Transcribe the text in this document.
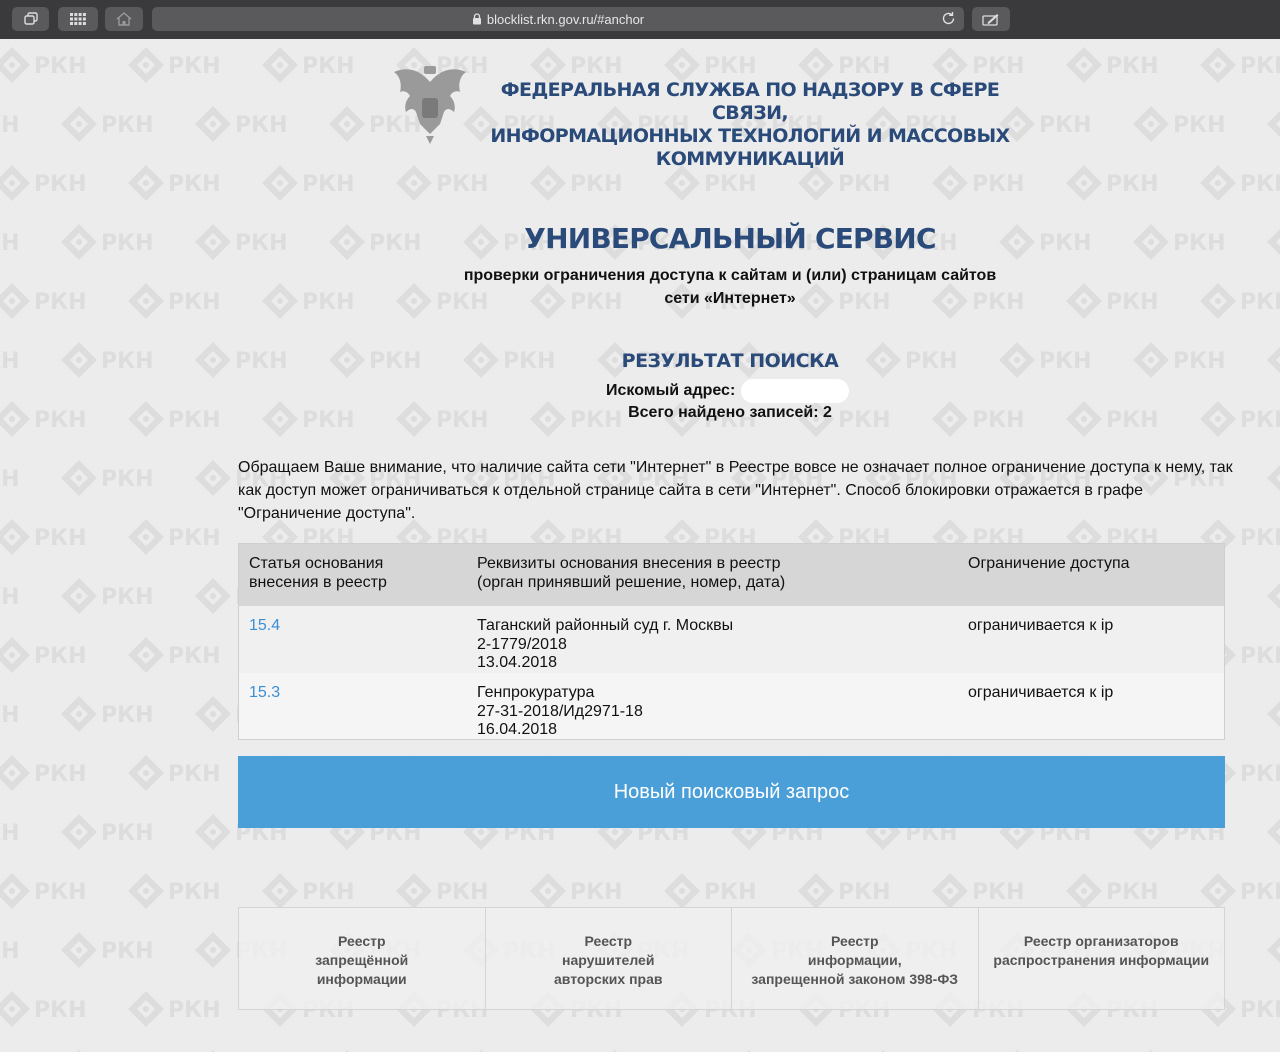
blocklist.rkn.gov.ru/#anchor
ФЕДЕРАЛЬНАЯ СЛУЖБА ПО НАДЗОРУ В СФЕРЕ СВЯЗИ,
ИНФОРМАЦИОННЫХ ТЕХНОЛОГИЙ И МАССОВЫХ КОММУНИКАЦИЙ
УНИВЕРСАЛЬНЫЙ СЕРВИС
проверки ограничения доступа к сайтам и (или) страницам сайтов
сети «Интернет»
РЕЗУЛЬТАТ ПОИСКА
Искомый адрес:
Всего найдено записей: 2
Обращаем Ваше внимание, что наличие сайта сети "Интернет" в Реестре вовсе не означает полное ограничение доступа к нему, так как доступ может ограничиваться к отдельной странице сайта в сети "Интернет". Способ блокировки отражается в графе "Ограничение доступа".
Статья основания
внесения в реестр
Реквизиты основания внесения в реестр
(орган принявший решение, номер, дата)
Ограничение доступа
15.4	Таганский районный суд г. Москвы
2-1779/2018
13.04.2018
ограничивается к ip
15.3	Генпрокуратура
27-31-2018/Ид2971-18
16.04.2018
ограничивается к ip
Новый поисковый запрос
Реестр
запрещённой
информации
Реестр
нарушителей
авторских прав
Реестр
информации,
запрещенной законом 398-ФЗ
Реестр организаторов
распространения информации
